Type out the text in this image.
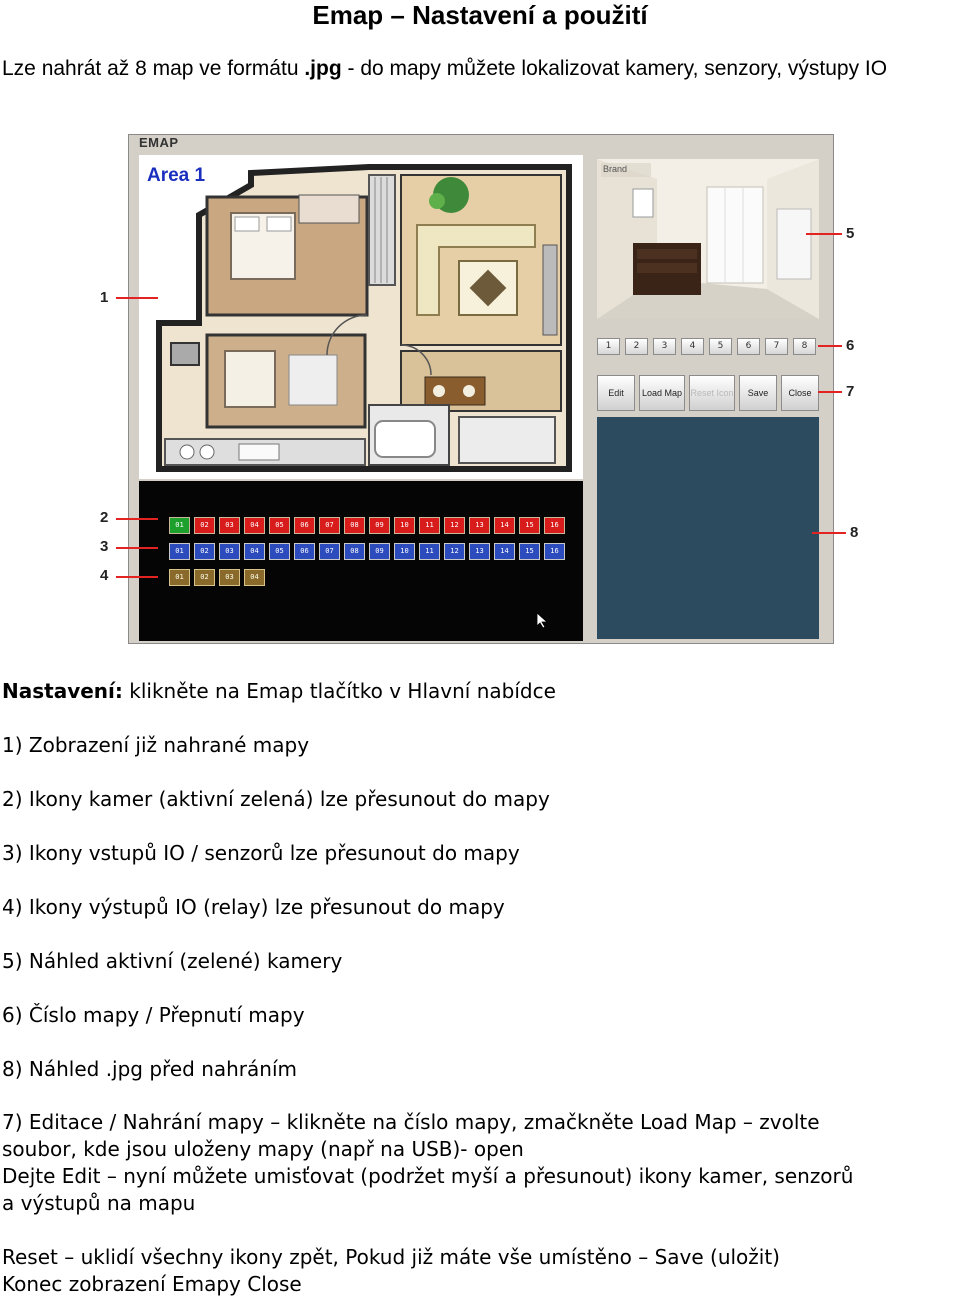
Emap – Nastavení a použití
Lze nahrát až 8 map ve formátu .jpg - do mapy můžete lokalizovat kamery, senzory, výstupy IO
EMAP
Area 1
01	02	03	04	05	06	07	08	09	10	11	12	13	14	15	16
01	02	03	04	05	06	07	08	09	10	11	12	13	14	15	16
01	02	03	04
Brand
1	2	3	4	5	6	7	8
Edit	Load Map Reset Icon	Save	Close
1
2
3
4
5
6
7
8
Nastavení: klikněte na Emap tlačítko v Hlavní nabídce
1) Zobrazení již nahrané mapy
2) Ikony kamer (aktivní zelená) lze přesunout do mapy
3) Ikony vstupů IO / senzorů lze přesunout do mapy
4) Ikony výstupů IO (relay) lze přesunout do mapy
5) Náhled aktivní (zelené) kamery
6) Číslo mapy / Přepnutí mapy
8) Náhled .jpg před nahráním
7) Editace / Nahrání mapy – klikněte na číslo mapy, zmačkněte Load Map – zvolte
soubor, kde jsou uloženy mapy (např na USB)- open
Dejte Edit – nyní můžete umisťovat (podržet myší a přesunout) ikony kamer, senzorů
a výstupů na mapu
Reset – uklidí všechny ikony zpět, Pokud již máte vše umístěno – Save (uložit)
Konec zobrazení Emapy Close
